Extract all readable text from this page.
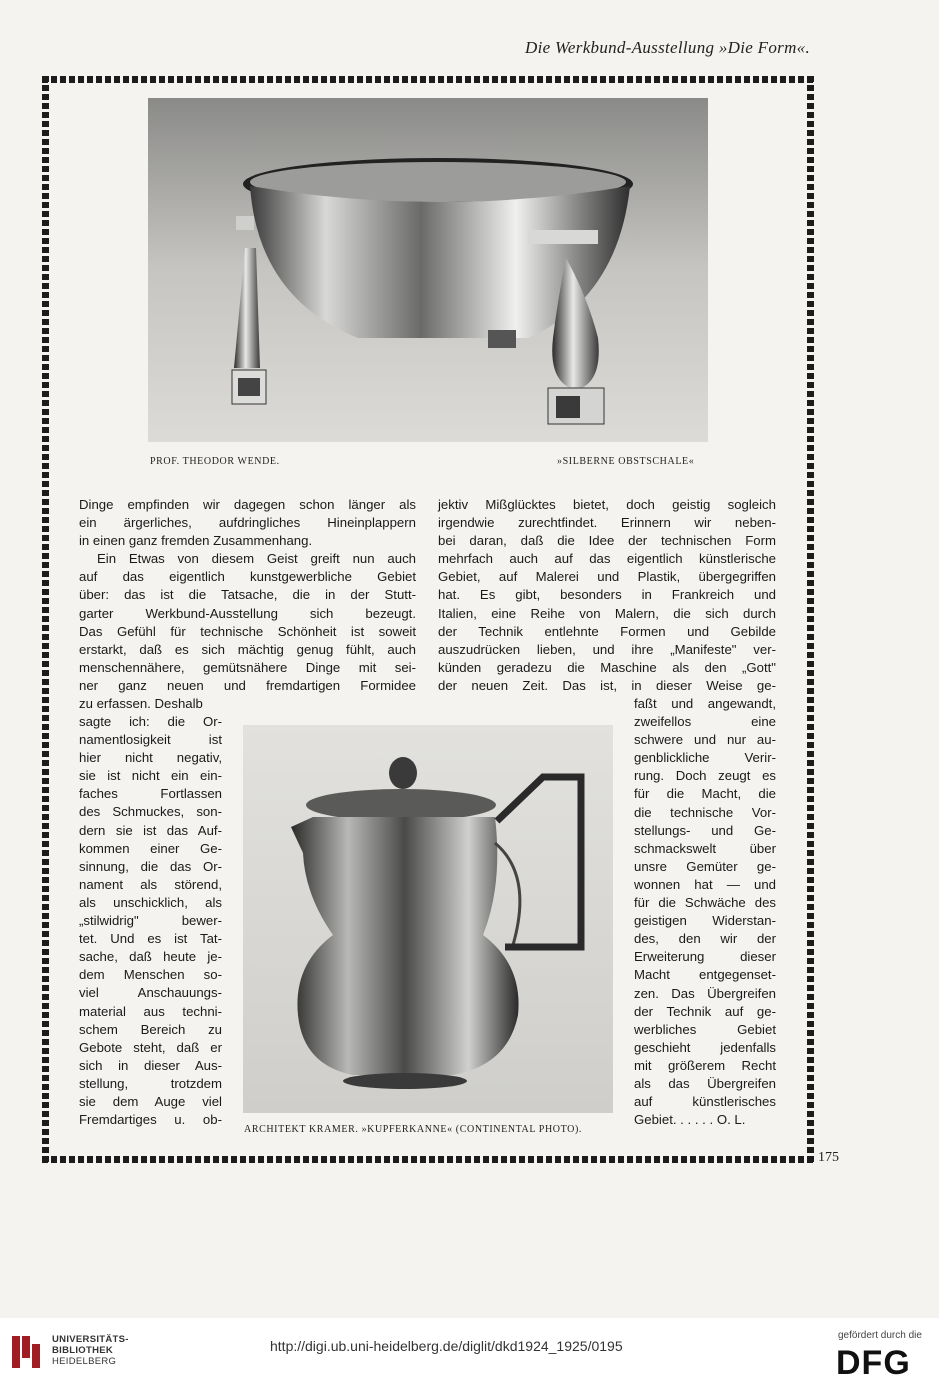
Die Werkbund-Ausstellung »Die Form«.
PROF. THEODOR WENDE.	»SILBERNE OBSTSCHALE«

Dinge empfinden wir dagegen schon länger als

ein ärgerliches, aufdringliches Hineinplappern

in einen ganz fremden Zusammenhang.

Ein Etwas von diesem Geist greift nun auch

auf das eigentlich kunstgewerbliche Gebiet

über: das ist die Tatsache, die in der Stutt-

garter Werkbund-Ausstellung sich bezeugt.

Das Gefühl für technische Schönheit ist soweit

erstarkt, daß es sich mächtig genug fühlt, auch

menschennähere, gemütsnähere Dinge mit sei-

ner ganz neuen und fremdartigen Formidee

zu erfassen. Deshalb

sagte ich: die Or-

namentlosigkeit ist

hier nicht negativ,

sie ist nicht ein ein-

faches Fortlassen

des Schmuckes, son-

dern sie ist das Auf-

kommen einer Ge-

sinnung, die das Or-

nament als störend,

als unschicklich, als

„stilwidrig" bewer-

tet. Und es ist Tat-

sache, daß heute je-

dem Menschen so-

viel Anschauungs-

material aus techni-

schem Bereich zu

Gebote steht, daß er

sich in dieser Aus-

stellung, trotzdem

sie dem Auge viel

Fremdartiges u. ob-

jektiv Mißglücktes bietet, doch geistig sogleich

irgendwie zurechtfindet. Erinnern wir neben-

bei daran, daß die Idee der technischen Form

mehrfach auch auf das eigentlich künstlerische

Gebiet, auf Malerei und Plastik, übergegriffen

hat. Es gibt, besonders in Frankreich und

Italien, eine Reihe von Malern, die sich durch

der Technik entlehnte Formen und Gebilde

auszudrücken lieben, und ihre „Manifeste" ver-

künden geradezu die Maschine als den „Gott"

der neuen Zeit. Das ist, in dieser Weise ge-

faßt und angewandt,

zweifellos eine

schwere und nur au-

genblickliche Verir-

rung. Doch zeugt es

für die Macht, die

die technische Vor-

stellungs- und Ge-

schmackswelt über

unsre Gemüter ge-

wonnen hat — und

für die Schwäche des

geistigen Widerstan-

des, den wir der

Erweiterung dieser

Macht entgegenset-

zen. Das Übergreifen

der Technik auf ge-

werbliches Gebiet

geschieht jedenfalls

mit größerem Recht

als das Übergreifen

auf künstlerisches

Gebiet. . . . . . O. L.

ARCHITEKT KRAMER. »KUPFERKANNE« (CONTINENTAL PHOTO).
175
UNIVERSITÄTS-
BIBLIOTHEK
HEIDELBERG
http://digi.ub.uni-heidelberg.de/diglit/dkd1924_1925/0195
gefördert durch die
DFG
